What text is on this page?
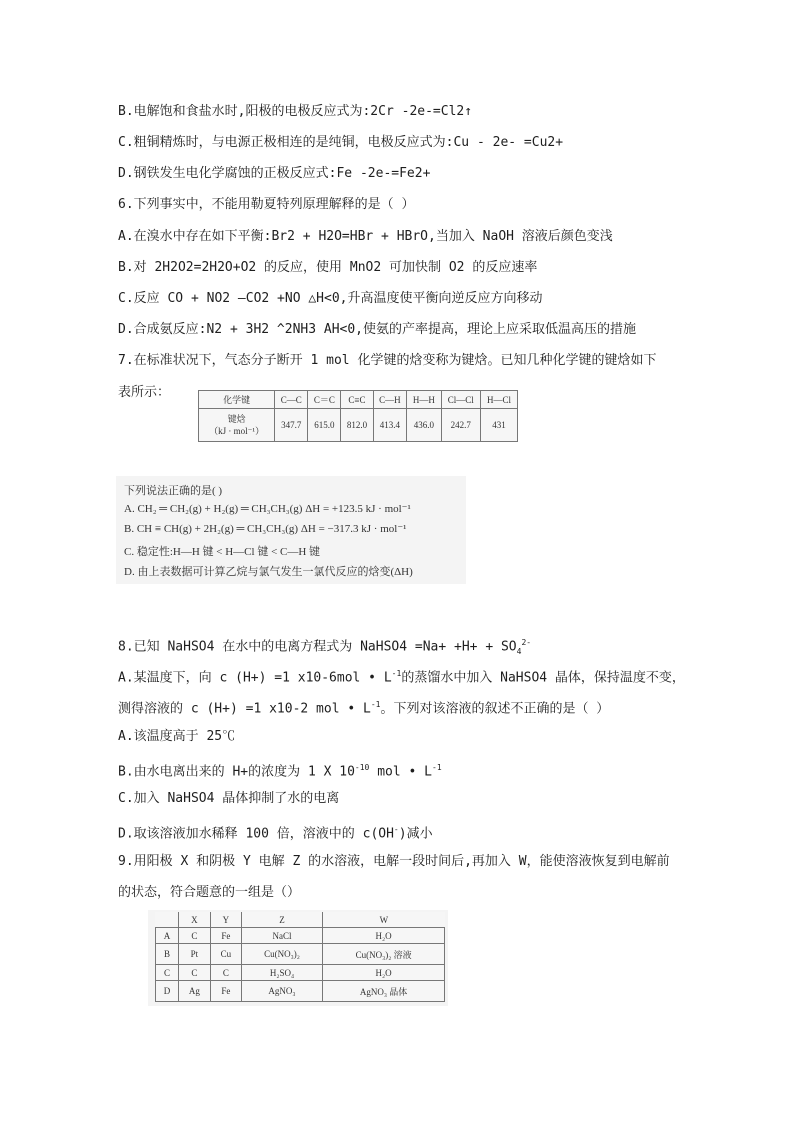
B.电解饱和食盐水时,阳极的电极反应式为:2Cr -2e-=Cl2↑
C.粗铜精炼时，与电源正极相连的是纯铜，电极反应式为:Cu - 2e- =Cu2+
D.钢铁发生电化学腐蚀的正极反应式:Fe -2e-=Fe2+
6.下列事实中，不能用勒夏特列原理解释的是（ ）
A.在溴水中存在如下平衡:Br2 + H2O=HBr + HBrO,当加入 NaOH 溶液后颜色变浅
B.对 2H2O2=2H2O+O2 的反应，使用 MnO2 可加快制 O2 的反应速率
C.反应 CO + NO2 —CO2 +NO △H<0,升高温度使平衡向逆反应方向移动
D.合成氨反应:N2 + 3H2 ^2NH3 AH<0,使氨的产率提高，理论上应采取低温高压的措施
7.在标准状况下，气态分子断开 1 mol 化学键的焓变称为键焓。已知几种化学键的键焓如下
表所示：	化学键	C—C	C＝C	C≡C	C—H	H—H	Cl—Cl	H—Cl

键焓
（kJ · mol⁻¹）	347.7	615.0	812.0	413.4	436.0	242.7	431
下列说法正确的是( )
A. CH₂ ═ CH₂(g) + H₂(g) ═ CH₃CH₃(g) ΔH = +123.5 kJ · mol⁻¹
B. CH ≡ CH(g) + 2H₂(g) ═ CH₃CH₃(g) ΔH = −317.3 kJ · mol⁻¹
C. 稳定性:H—H 键 < H—Cl 键 < C—H 键
D. 由上表数据可计算乙烷与氯气发生一氯代反应的焓变(ΔH)
8.已知 NaHSO4 在水中的电离方程式为 NaHSO4 $=Na+ +H+ + SO_4^{2-}$
A.某温度下，向 c (H+) =1 x10-6mol • $L^{-1}$的蒸馏水中加入 NaHSO4 晶体，保持温度不变，
测得溶液的 c (H+) =1 x10-2 mol • $L^{-1}$。下列对该溶液的叙述不正确的是（ ）
A.该温度高于 25℃
B.由水电离出来的 H+的浓度为 1 X $10^{-10}$ mol • $L^{-1}$
C.加入 NaHSO4 晶体抑制了水的电离
D.取该溶液加水稀释 100 倍，溶液中的 c(OH-)减小
9.用阳极 X 和阴极 Y 电解 Z 的水溶液，电解一段时间后,再加入 W，能使溶液恢复到电解前
的状态，符合题意的一组是（）
	X	Y	Z	W
A	C	Fe	NaCl	H₂O
B	Pt	Cu	Cu(NO₃)₂	Cu(NO₃)₂ 溶液
C	C	C	H₂SO₄	H₂O
D	Ag	Fe	AgNO₃	AgNO₃ 晶体
